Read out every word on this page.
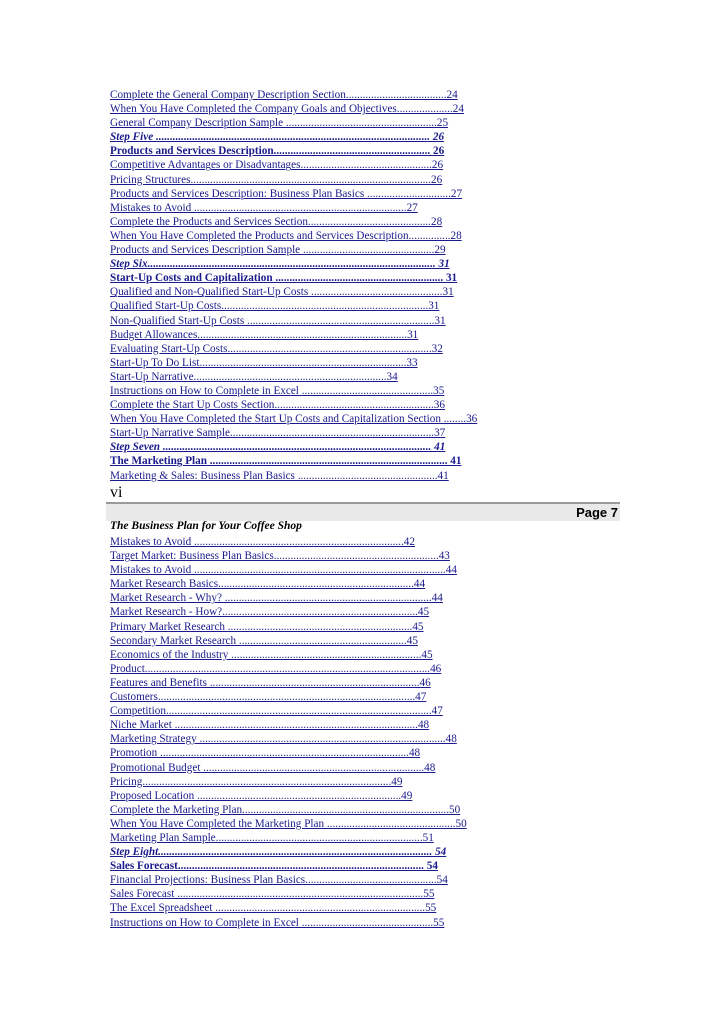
Complete the General Company Description Section....................................24
When You Have Completed the Company Goals and Objectives....................24
General Company Description Sample ......................................................25
Step Five .................................................................................................. 26
Products and Services Description........................................................ 26
Competitive Advantages or Disadvantages...............................................26
Pricing Structures......................................................................................26
Products and Services Description: Business Plan Basics ..............................27
Mistakes to Avoid ............................................................................27
Complete the Products and Services Section............................................28
When You Have Completed the Products and Services Description...............28
Products and Services Description Sample ...............................................29
Step Six....................................................................................................... 31
Start-Up Costs and Capitalization ............................................................ 31
Qualified and Non-Qualified Start-Up Costs ...............................................31
Qualified Start-Up Costs..........................................................................31
Non-Qualified Start-Up Costs ...................................................................31
Budget Allowances...........................................................................31
Evaluating Start-Up Costs.........................................................................32
Start-Up To Do List..........................................................................33
Start-Up Narrative.....................................................................34
Instructions on How to Complete in Excel ...............................................35
Complete the Start Up Costs Section.........................................................36
When You Have Completed the Start Up Costs and Capitalization Section ........36
Start-Up Narrative Sample.........................................................................37
Step Seven ................................................................................................ 41
The Marketing Plan ..................................................................................... 41
Marketing & Sales: Business Plan Basics ..................................................41
vi
Page 7
The Business Plan for Your Coffee Shop
Mistakes to Avoid ...........................................................................42
Target Market: Business Plan Basics...........................................................43
Mistakes to Avoid ..........................................................................................44
Market Research Basics......................................................................44
Market Research - Why? ..........................................................................44
Market Research - How?......................................................................45
Primary Market Research ..................................................................45
Secondary Market Research ............................................................45
Economics of the Industry ....................................................................45
Product......................................................................................................46
Features and Benefits ...........................................................................46
Customers............................................................................................47
Competition...............................................................................................47
Niche Market .......................................................................................48
Marketing Strategy ........................................................................................48
Promotion .........................................................................................48
Promotional Budget ...............................................................................48
Pricing.........................................................................................49
Proposed Location .........................................................................49
Complete the Marketing Plan..........................................................................50
When You Have Completed the Marketing Plan ..............................................50
Marketing Plan Sample..........................................................................51
Step Eight.................................................................................................. 54
Sales Forecast........................................................................................ 54
Financial Projections: Business Plan Basics...............................................54
Sales Forecast ........................................................................................55
The Excel Spreadsheet ...........................................................................55
Instructions on How to Complete in Excel ...............................................55
